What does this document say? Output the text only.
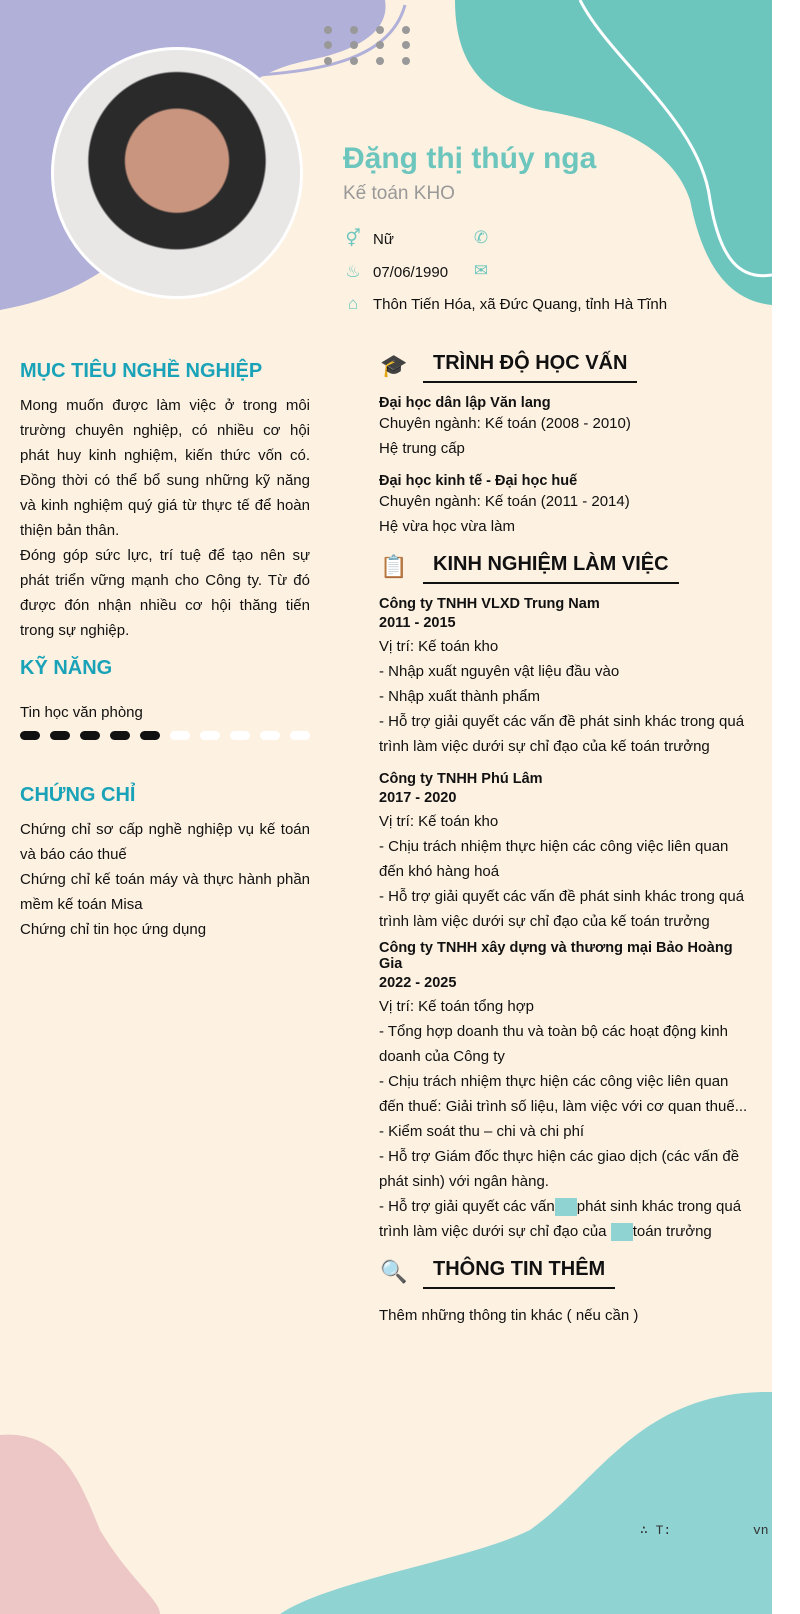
Đặng thị thúy nga
Kế toán KHO
⚥ Nữ	✆
♨ 07/06/1990 ✉
⌂ Thôn Tiến Hóa, xã Đức Quang, tỉnh Hà Tĩnh
MỤC TIÊU NGHỀ NGHIỆP
Mong muốn được làm việc ở trong môi trường chuyên nghiệp, có nhiều cơ hội phát huy kinh nghiệm, kiến thức vốn có. Đồng thời có thể bổ sung những kỹ năng và kinh nghiệm quý giá từ thực tế để hoàn thiện bản thân.
Đóng góp sức lực, trí tuệ để tạo nên sự phát triển vững mạnh cho Công ty. Từ đó được đón nhận nhiều cơ hội thăng tiến trong sự nghiệp.
KỸ NĂNG
Tin học văn phòng
CHỨNG CHỈ
Chứng chỉ sơ cấp nghề nghiệp vụ kế toán và báo cáo thuế
Chứng chỉ kế toán máy và thực hành phần mềm kế toán Misa
Chứng chỉ tin học ứng dụng
🎓	TRÌNH ĐỘ HỌC VẤN
Đại học dân lập Văn lang
Chuyên ngành: Kế toán (2008 - 2010)
Hệ trung cấp
Đại học kinh tế - Đại học huế
Chuyên ngành: Kế toán (2011 - 2014)
Hệ vừa học vừa làm
📋	KINH NGHIỆM LÀM VIỆC
Công ty TNHH VLXD Trung Nam
2011 - 2015
Vị trí: Kế toán kho
- Nhập xuất nguyên vật liệu đầu vào
- Nhập xuất thành phẩm
- Hỗ trợ giải quyết các vấn đề phát sinh khác trong quá trình làm việc dưới sự chỉ đạo của kế toán trưởng
Công ty TNHH Phú Lâm
2017 - 2020
Vị trí: Kế toán kho
- Chịu trách nhiệm thực hiện các công việc liên quan đến khó hàng hoá
- Hỗ trợ giải quyết các vấn đề phát sinh khác trong quá trình làm việc dưới sự chỉ đạo của kế toán trưởng
Công ty TNHH xây dựng và thương mại Bảo Hoàng Gia
2022 - 2025
Vị trí: Kế toán tổng hợp
- Tổng hợp doanh thu và toàn bộ các hoạt động kinh doanh của Công ty
- Chịu trách nhiệm thực hiện các công việc liên quan đến thuế: Giải trình số liệu, làm việc với cơ quan thuế...
- Kiểm soát thu – chi và chi phí
- Hỗ trợ Giám đốc thực hiện các giao dịch (các vấn đề phát sinh) với ngân hàng.
- Hỗ trợ giải quyết các vấn phát sinh khác trong quá trình làm việc dưới sự chỉ đạo của toán trưởng
🔍	THÔNG TIN THÊM
Thêm những thông tin khác ( nếu cần )
∴ T:	vn
